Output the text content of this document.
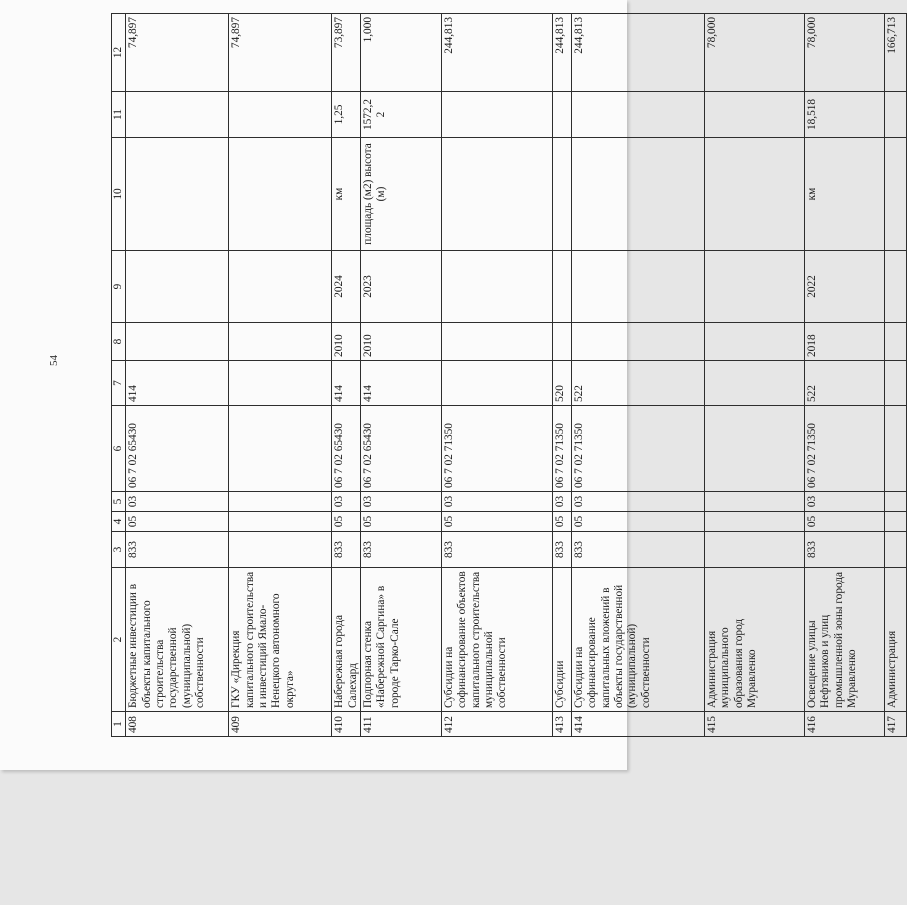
54
1	2	3	4	5	6	7	8	9	10	11	12
408	Бюджетные инвестиции в объекты капитального строительства государственной (муниципальной) собственности	833	05	03	06 7 02 65430	414					74,897
409	ГКУ «Дирекция капитального строительства и инвестиций Ямало-Ненецкого автономного округа»										74,897
410	Набережная города Салехард	833	05	03	06 7 02 65430	414	2010	2024	км	1,25	73,897
411	Подпорная стенка «Набережной Саргина» в городе Тарко-Сале	833	05	03	06 7 02 65430	414	2010	2023	площадь (м2) высота (м)	1572,2 2	1,000
412	Субсидии на софинансирование объектов капитального строительства муниципальной собственности	833	05	03	06 7 02 71350						244,813
413	Субсидии	833	05	03	06 7 02 71350	520					244,813
414	Субсидии на софинансирование капитальных вложений в объекты государственной (муниципальной) собственности	833	05	03	06 7 02 71350	522					244,813
415	Администрация муниципального образования город Муравленко										78,000
416	Освещение улицы Нефтяников и улиц промышленной зоны города Муравленко	833	05	03	06 7 02 71350	522	2018	2022	км	18,518	78,000
417	Администрация										166,713
